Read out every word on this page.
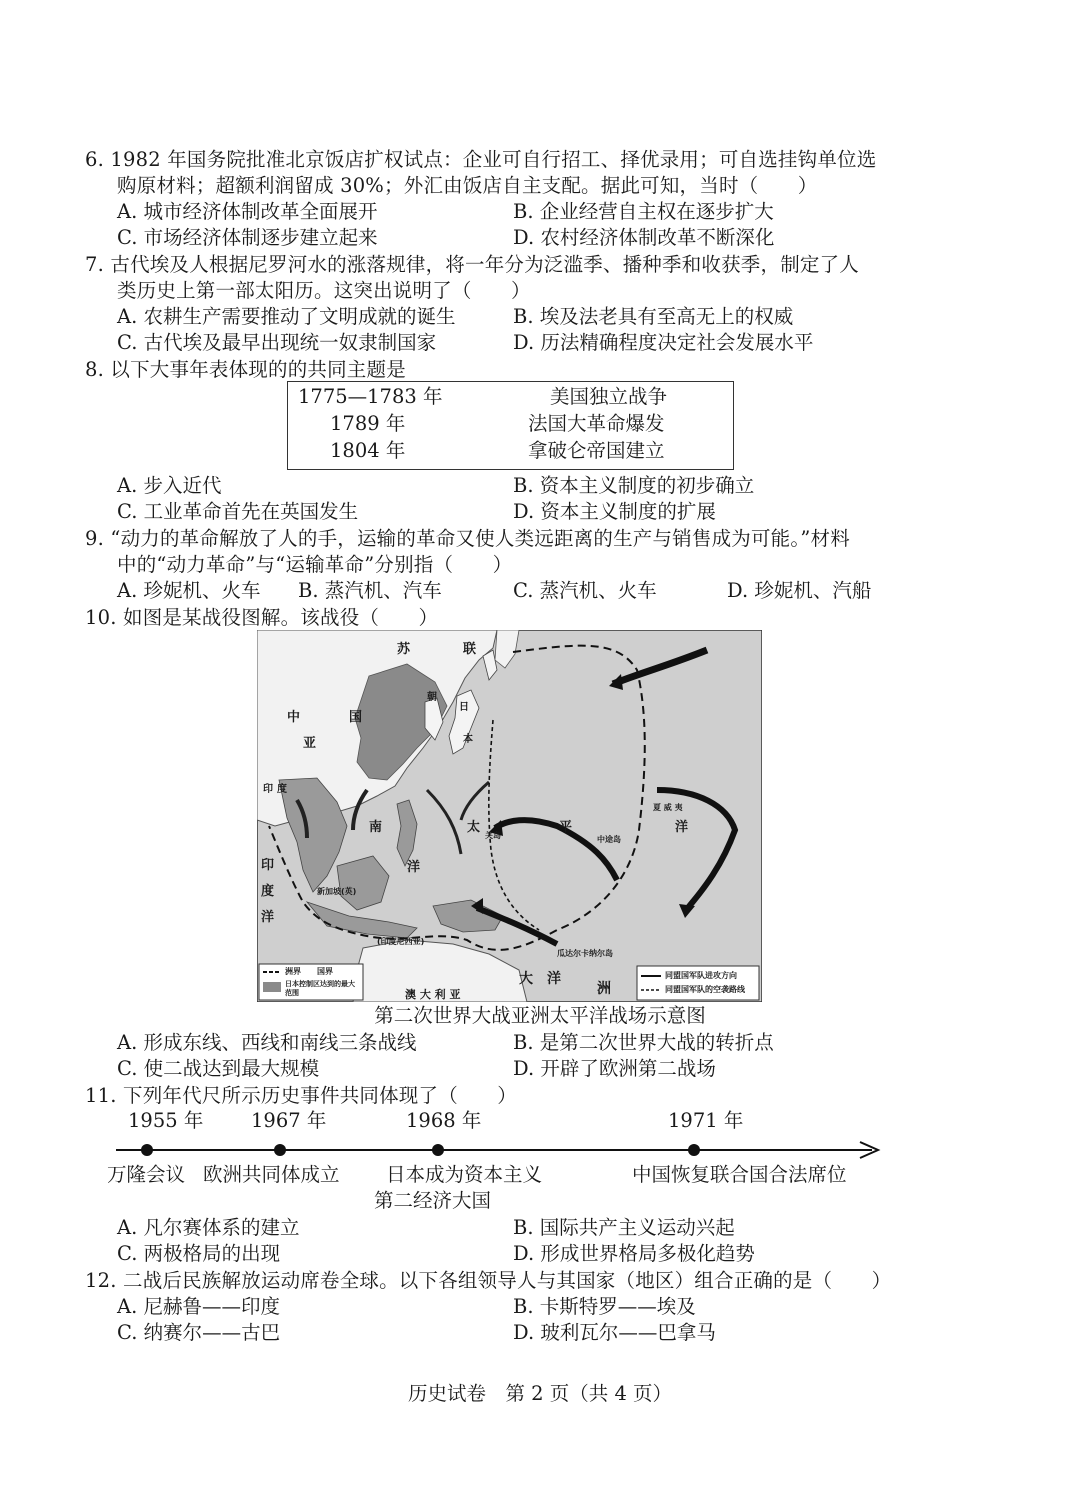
6. 1982 年国务院批准北京饭店扩权试点：企业可自行招工、择优录用；可自选挂钩单位选
购原材料；超额利润留成 30%；外汇由饭店自主支配。据此可知，当时（　　）
A. 城市经济体制改革全面展开	B. 企业经营自主权在逐步扩大
C. 市场经济体制逐步建立起来	D. 农村经济体制改革不断深化
7. 古代埃及人根据尼罗河水的涨落规律，将一年分为泛滥季、播种季和收获季，制定了人
类历史上第一部太阳历。这突出说明了（　　）
A. 农耕生产需要推动了文明成就的诞生	B. 埃及法老具有至高无上的权威
C. 古代埃及最早出现统一奴隶制国家	D. 历法精确程度决定社会发展水平
8. 以下大事年表体现的的共同主题是
1775—1783 年	美国独立战争
1789 年	法国大革命爆发
1804 年	拿破仑帝国建立
A. 步入近代	B. 资本主义制度的初步确立
C. 工业革命首先在英国发生	D. 资本主义制度的扩展
9. “动力的革命解放了人的手，运输的革命又使人类远距离的生产与销售成为可能。”材料
中的“动力革命”与“运输革命”分别指（　　）
A. 珍妮机、火车 B. 蒸汽机、汽车	C. 蒸汽机、火车	D. 珍妮机、汽船
10. 如图是某战役图解。该战役（　　）
苏	联
中	国
亚
朝
日
本
印 度
南	太	平	洋
洋
印
度
洋
大 洋
洲
澳 大 利 亚
夏 威 夷
中途岛
关岛
新加坡(英)
(印度尼西亚)
瓜达尔卡纳尔岛
洲界　　国界
日本控制区达到的最大范围
同盟国军队进攻方向
同盟国军队的空袭路线
第二次世界大战亚洲太平洋战场示意图
A. 形成东线、西线和南线三条战线	B. 是第二次世界大战的转折点
C. 使二战达到最大规模	D. 开辟了欧洲第二战场
11. 下列年代尺所示历史事件共同体现了（　　）
1955 年 1967 年	1968 年	1971 年
万隆会议 欧洲共同体成立 日本成为资本主义
第二经济大国
中国恢复联合国合法席位
A. 凡尔赛体系的建立	B. 国际共产主义运动兴起
C. 两极格局的出现	D. 形成世界格局多极化趋势
12. 二战后民族解放运动席卷全球。以下各组领导人与其国家（地区）组合正确的是（　　）
A. 尼赫鲁——印度	B. 卡斯特罗——埃及
C. 纳赛尔——古巴	D. 玻利瓦尔——巴拿马
历史试卷　第 2 页（共 4 页）
